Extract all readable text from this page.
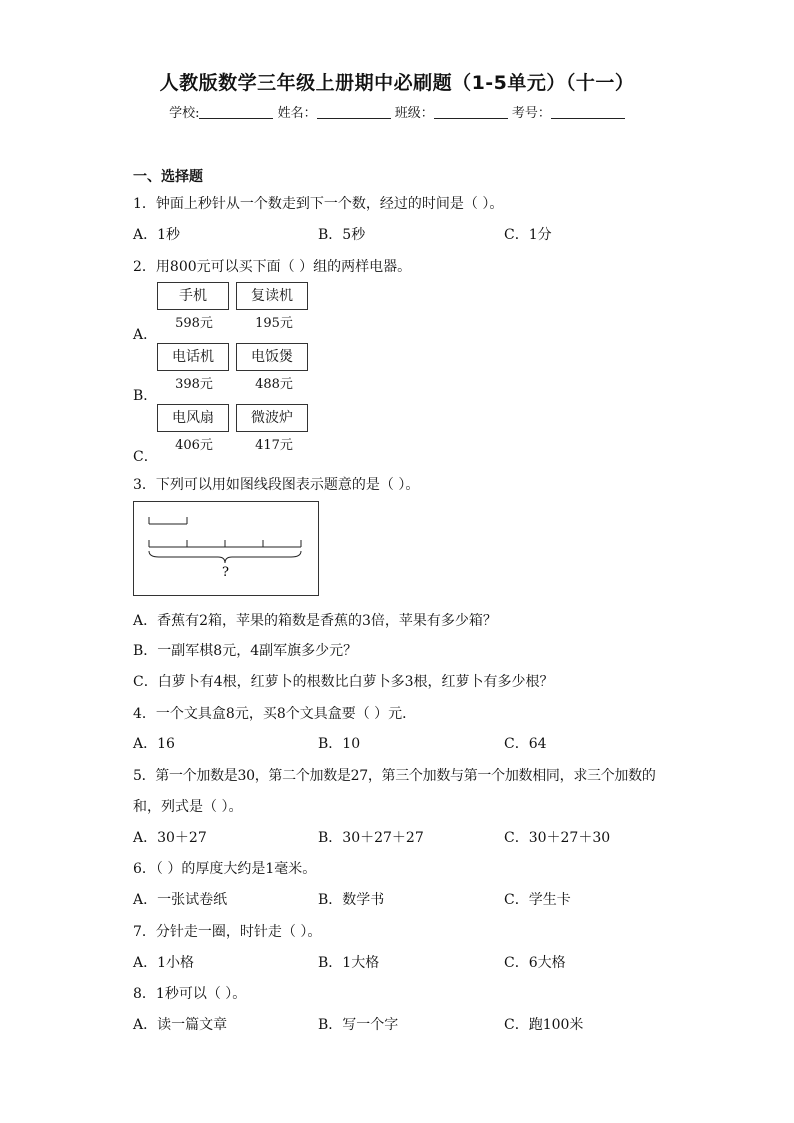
人教版数学三年级上册期中必刷题（1-5单元）（十一）
学校:	姓名：	班级：	考号：
一、选择题
1．钟面上秒针从一个数走到下一个数，经过的时间是（ ）。
A．1秒	B．5秒	C．1分
2．用800元可以买下面（ ）组的两样电器。
手机	复读机
598元	195元
A．
电话机	电饭煲
398元	488元
B．
电风扇	微波炉
406元	417元
C．
3．下列可以用如图线段图表示题意的是（ ）。
?
A．香蕉有2箱，苹果的箱数是香蕉的3倍，苹果有多少箱？
B．一副军棋8元，4副军旗多少元？
C．白萝卜有4根，红萝卜的根数比白萝卜多3根，红萝卜有多少根？
4．一个文具盒8元，买8个文具盒要（ ）元．
A．16	B．10	C．64
5．第一个加数是30，第二个加数是27，第三个加数与第一个加数相同，求三个加数的
和，列式是（ ）。
A．30＋27	B．30＋27＋27	C．30＋27＋30
6．（ ）的厚度大约是1毫米。
A．一张试卷纸	B．数学书	C．学生卡
7．分针走一圈，时针走（ ）。
A．1小格	B．1大格	C．6大格
8．1秒可以（ ）。
A．读一篇文章	B．写一个字	C．跑100米
